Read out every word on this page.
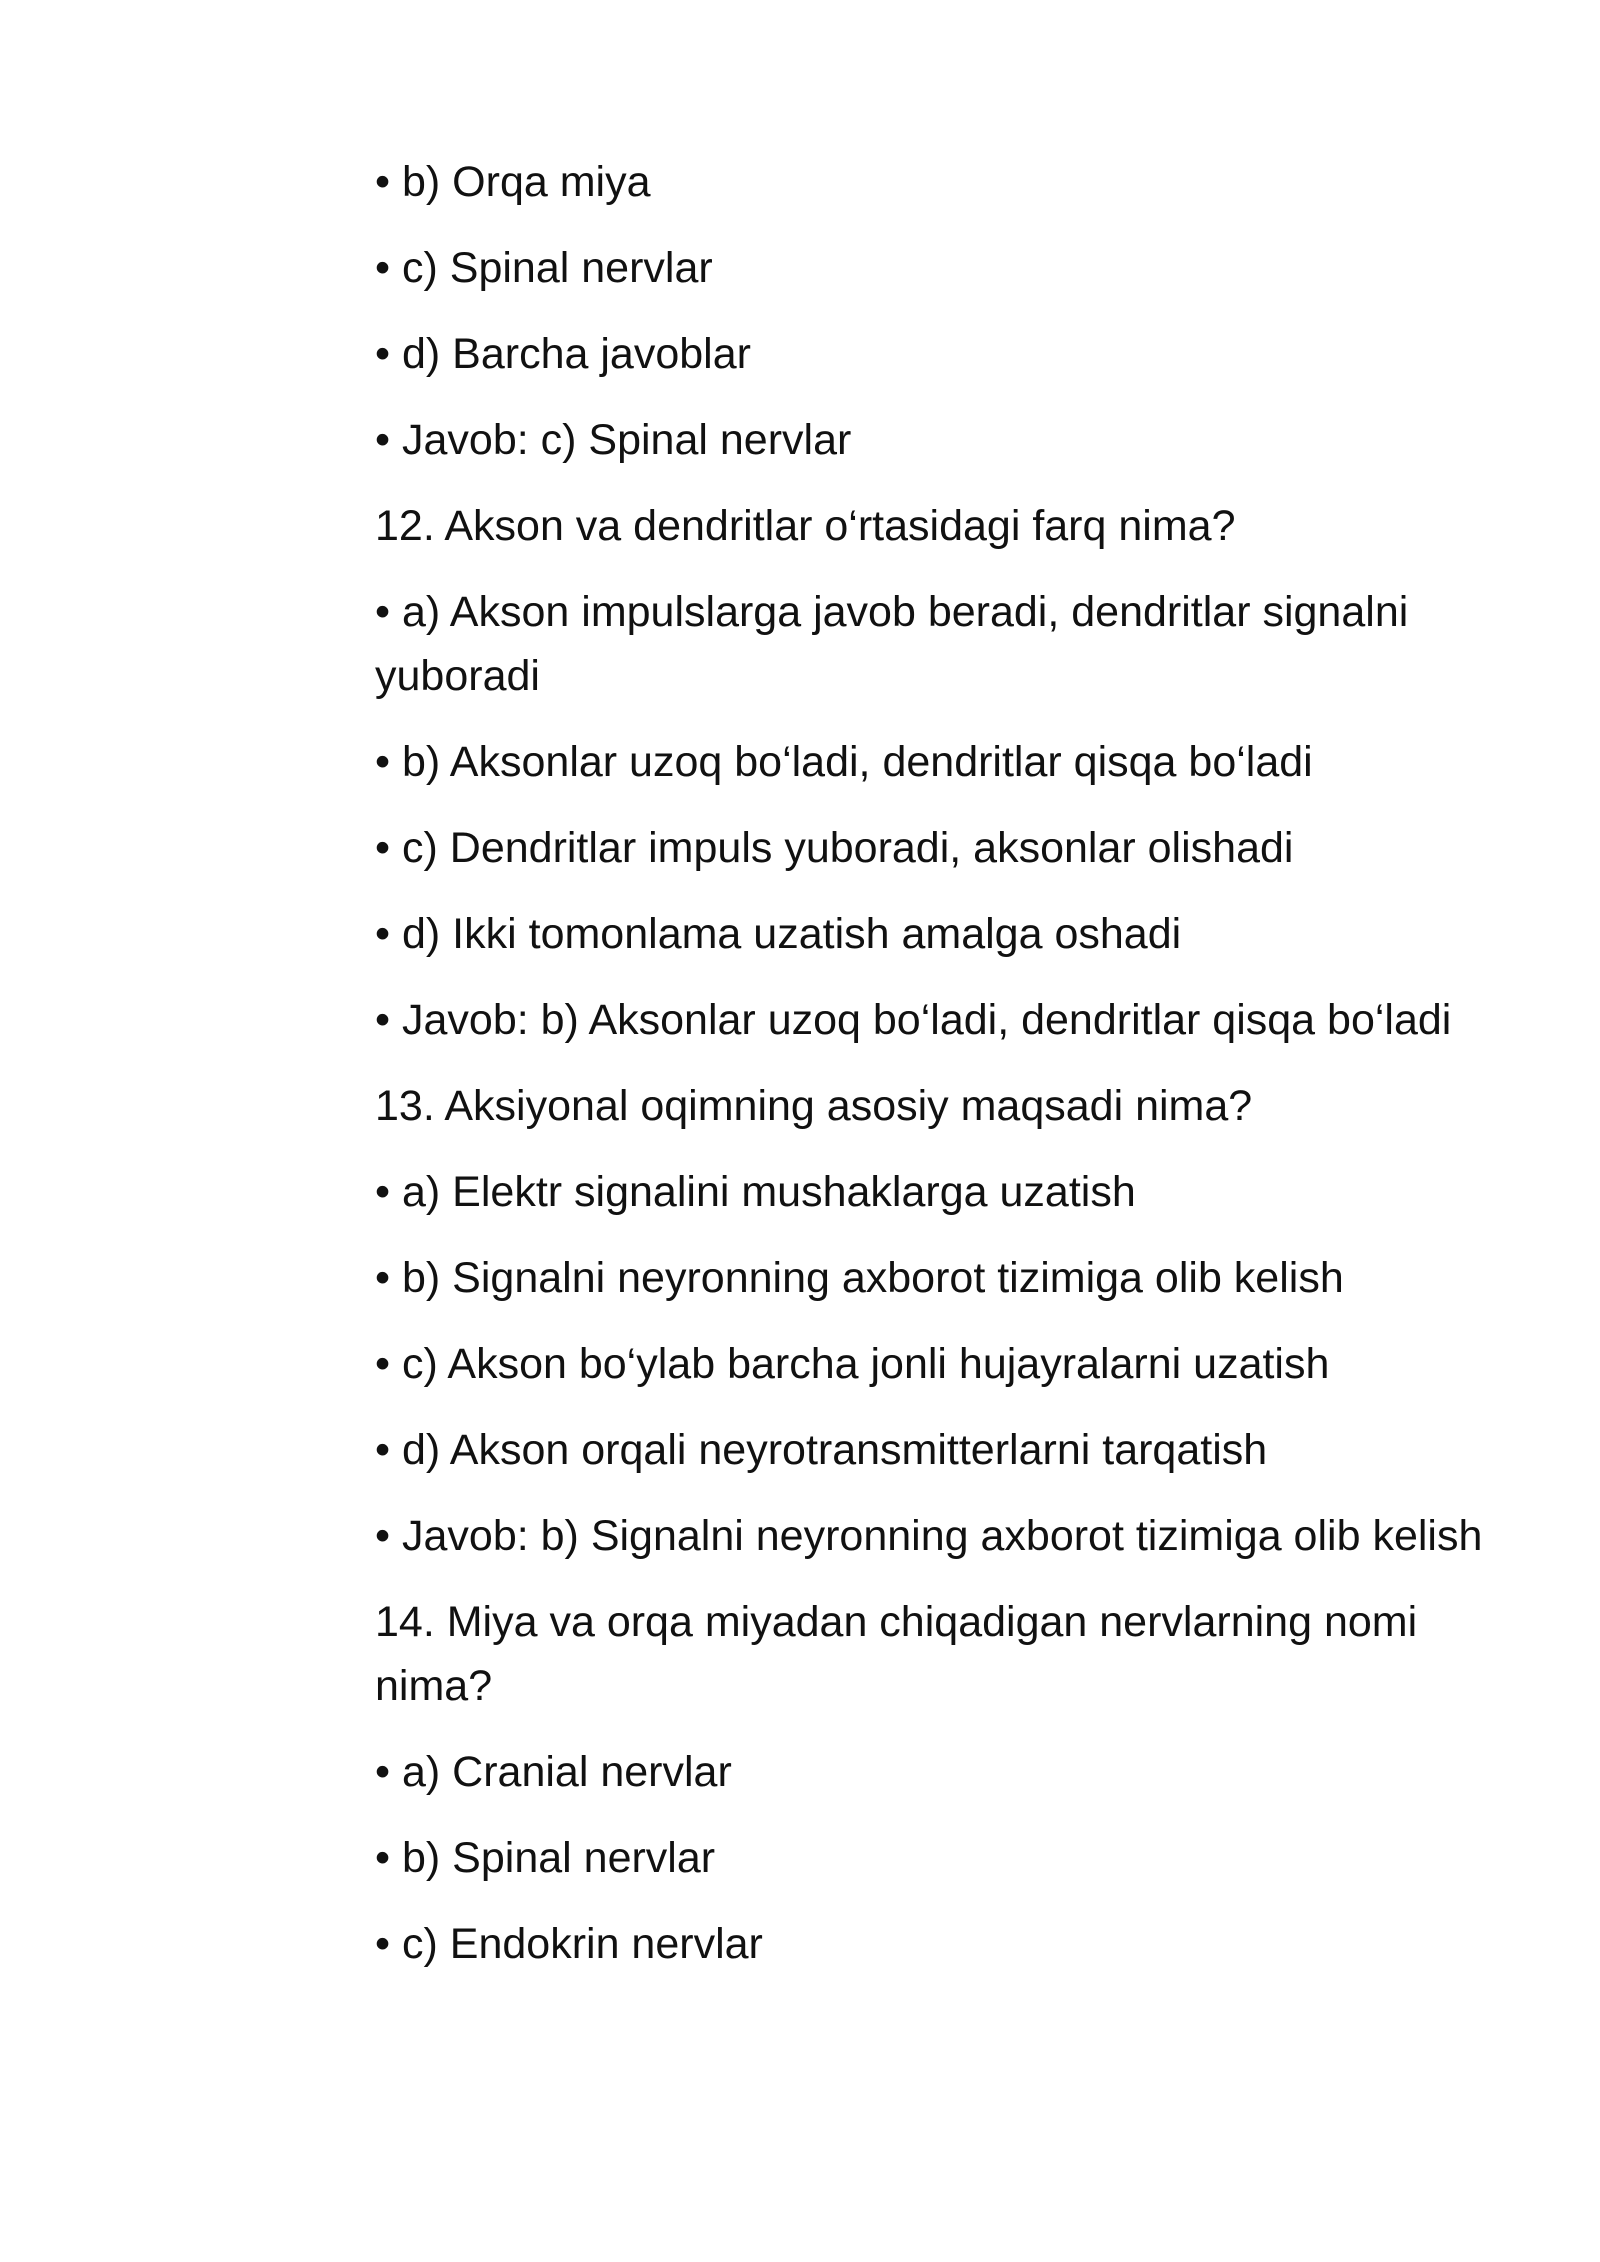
• b) Orqa miya

• c) Spinal nervlar

• d) Barcha javoblar

• Javob: c) Spinal nervlar

12. Akson va dendritlar o‘rtasidagi farq nima?

• a) Akson impulslarga javob beradi, dendritlar signalni yuboradi

• b) Aksonlar uzoq bo‘ladi, dendritlar qisqa bo‘ladi

• c) Dendritlar impuls yuboradi, aksonlar olishadi

• d) Ikki tomonlama uzatish amalga oshadi

• Javob: b) Aksonlar uzoq bo‘ladi, dendritlar qisqa bo‘ladi

13. Aksiyonal oqimning asosiy maqsadi nima?

• a) Elektr signalini mushaklarga uzatish

• b) Signalni neyronning axborot tizimiga olib kelish

• c) Akson bo‘ylab barcha jonli hujayralarni uzatish

• d) Akson orqali neyrotransmitterlarni tarqatish

• Javob: b) Signalni neyronning axborot tizimiga olib kelish

14. Miya va orqa miyadan chiqadigan nervlarning nomi nima?

• a) Cranial nervlar

• b) Spinal nervlar

• c) Endokrin nervlar
